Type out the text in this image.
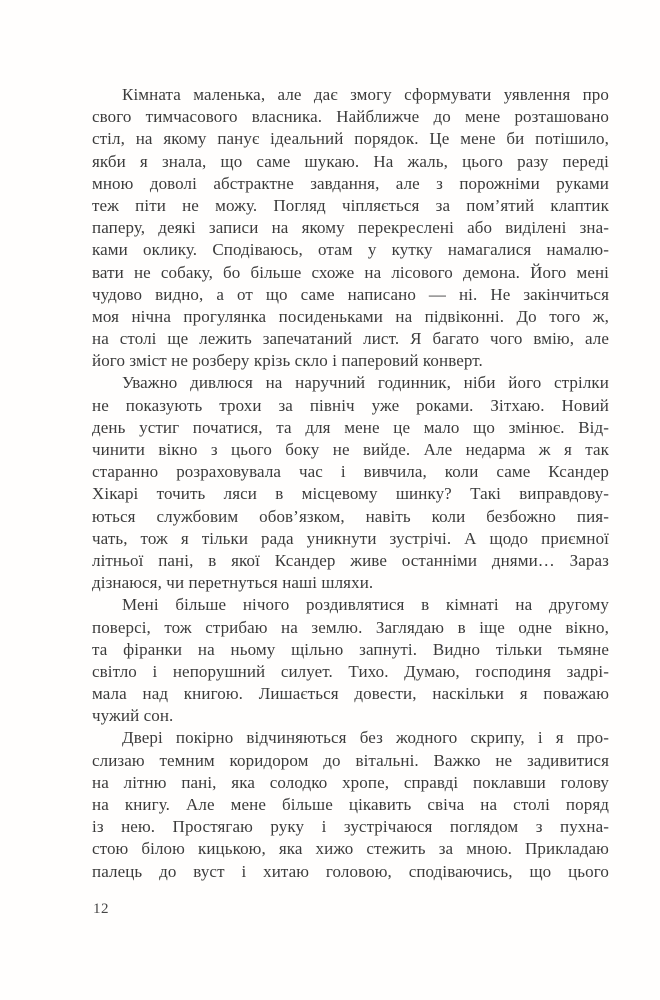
Кімната маленька, але дає змогу сформувати уявлення про
свого тимчасового власника. Найближче до мене розташовано
стіл, на якому панує ідеальний порядок. Це мене би потішило,
якби я знала, що саме шукаю. На жаль, цього разу переді
мною доволі абстрактне завдання, але з порожніми руками
теж піти не можу. Погляд чіпляється за пом’ятий клаптик
паперу, деякі записи на якому перекреслені або виділені зна-
ками оклику. Сподіваюсь, отам у кутку намагалися намалю-
вати не собаку, бо більше схоже на лісового демона. Його мені
чудово видно, а от що саме написано — ні. Не закінчиться
моя нічна прогулянка посиденьками на підвіконні. До того ж,
на столі ще лежить запечатаний лист. Я багато чого вмію, але
його зміст не розберу крізь скло і паперовий конверт.
Уважно дивлюся на наручний годинник, ніби його стрілки
не показують трохи за північ уже роками. Зітхаю. Новий
день устиг початися, та для мене це мало що змінює. Від-
чинити вікно з цього боку не вийде. Але недарма ж я так
старанно розраховувала час і вивчила, коли саме Ксандер
Хікарі точить ляси в місцевому шинку? Такі виправдову-
ються службовим обов’язком, навіть коли безбожно пия-
чать, тож я тільки рада уникнути зустрічі. А щодо приємної
літньої пані, в якої Ксандер живе останніми днями… Зараз
дізнаюся, чи перетнуться наші шляхи.
Мені більше нічого роздивлятися в кімнаті на другому
поверсі, тож стрибаю на землю. Заглядаю в іще одне вікно,
та фіранки на ньому щільно запнуті. Видно тільки тьмяне
світло і непорушний силует. Тихо. Думаю, господиня задрі-
мала над книгою. Лишається довести, наскільки я поважаю
чужий сон.
Двері покірно відчиняються без жодного скрипу, і я про-
слизаю темним коридором до вітальні. Важко не задивитися
на літню пані, яка солодко хропе, справді поклавши голову
на книгу. Але мене більше цікавить свіча на столі поряд
із нею. Простягаю руку і зустрічаюся поглядом з пухна-
стою білою кицькою, яка хижо стежить за мною. Прикладаю
палець до вуст і хитаю головою, сподіваючись, що цього
12
